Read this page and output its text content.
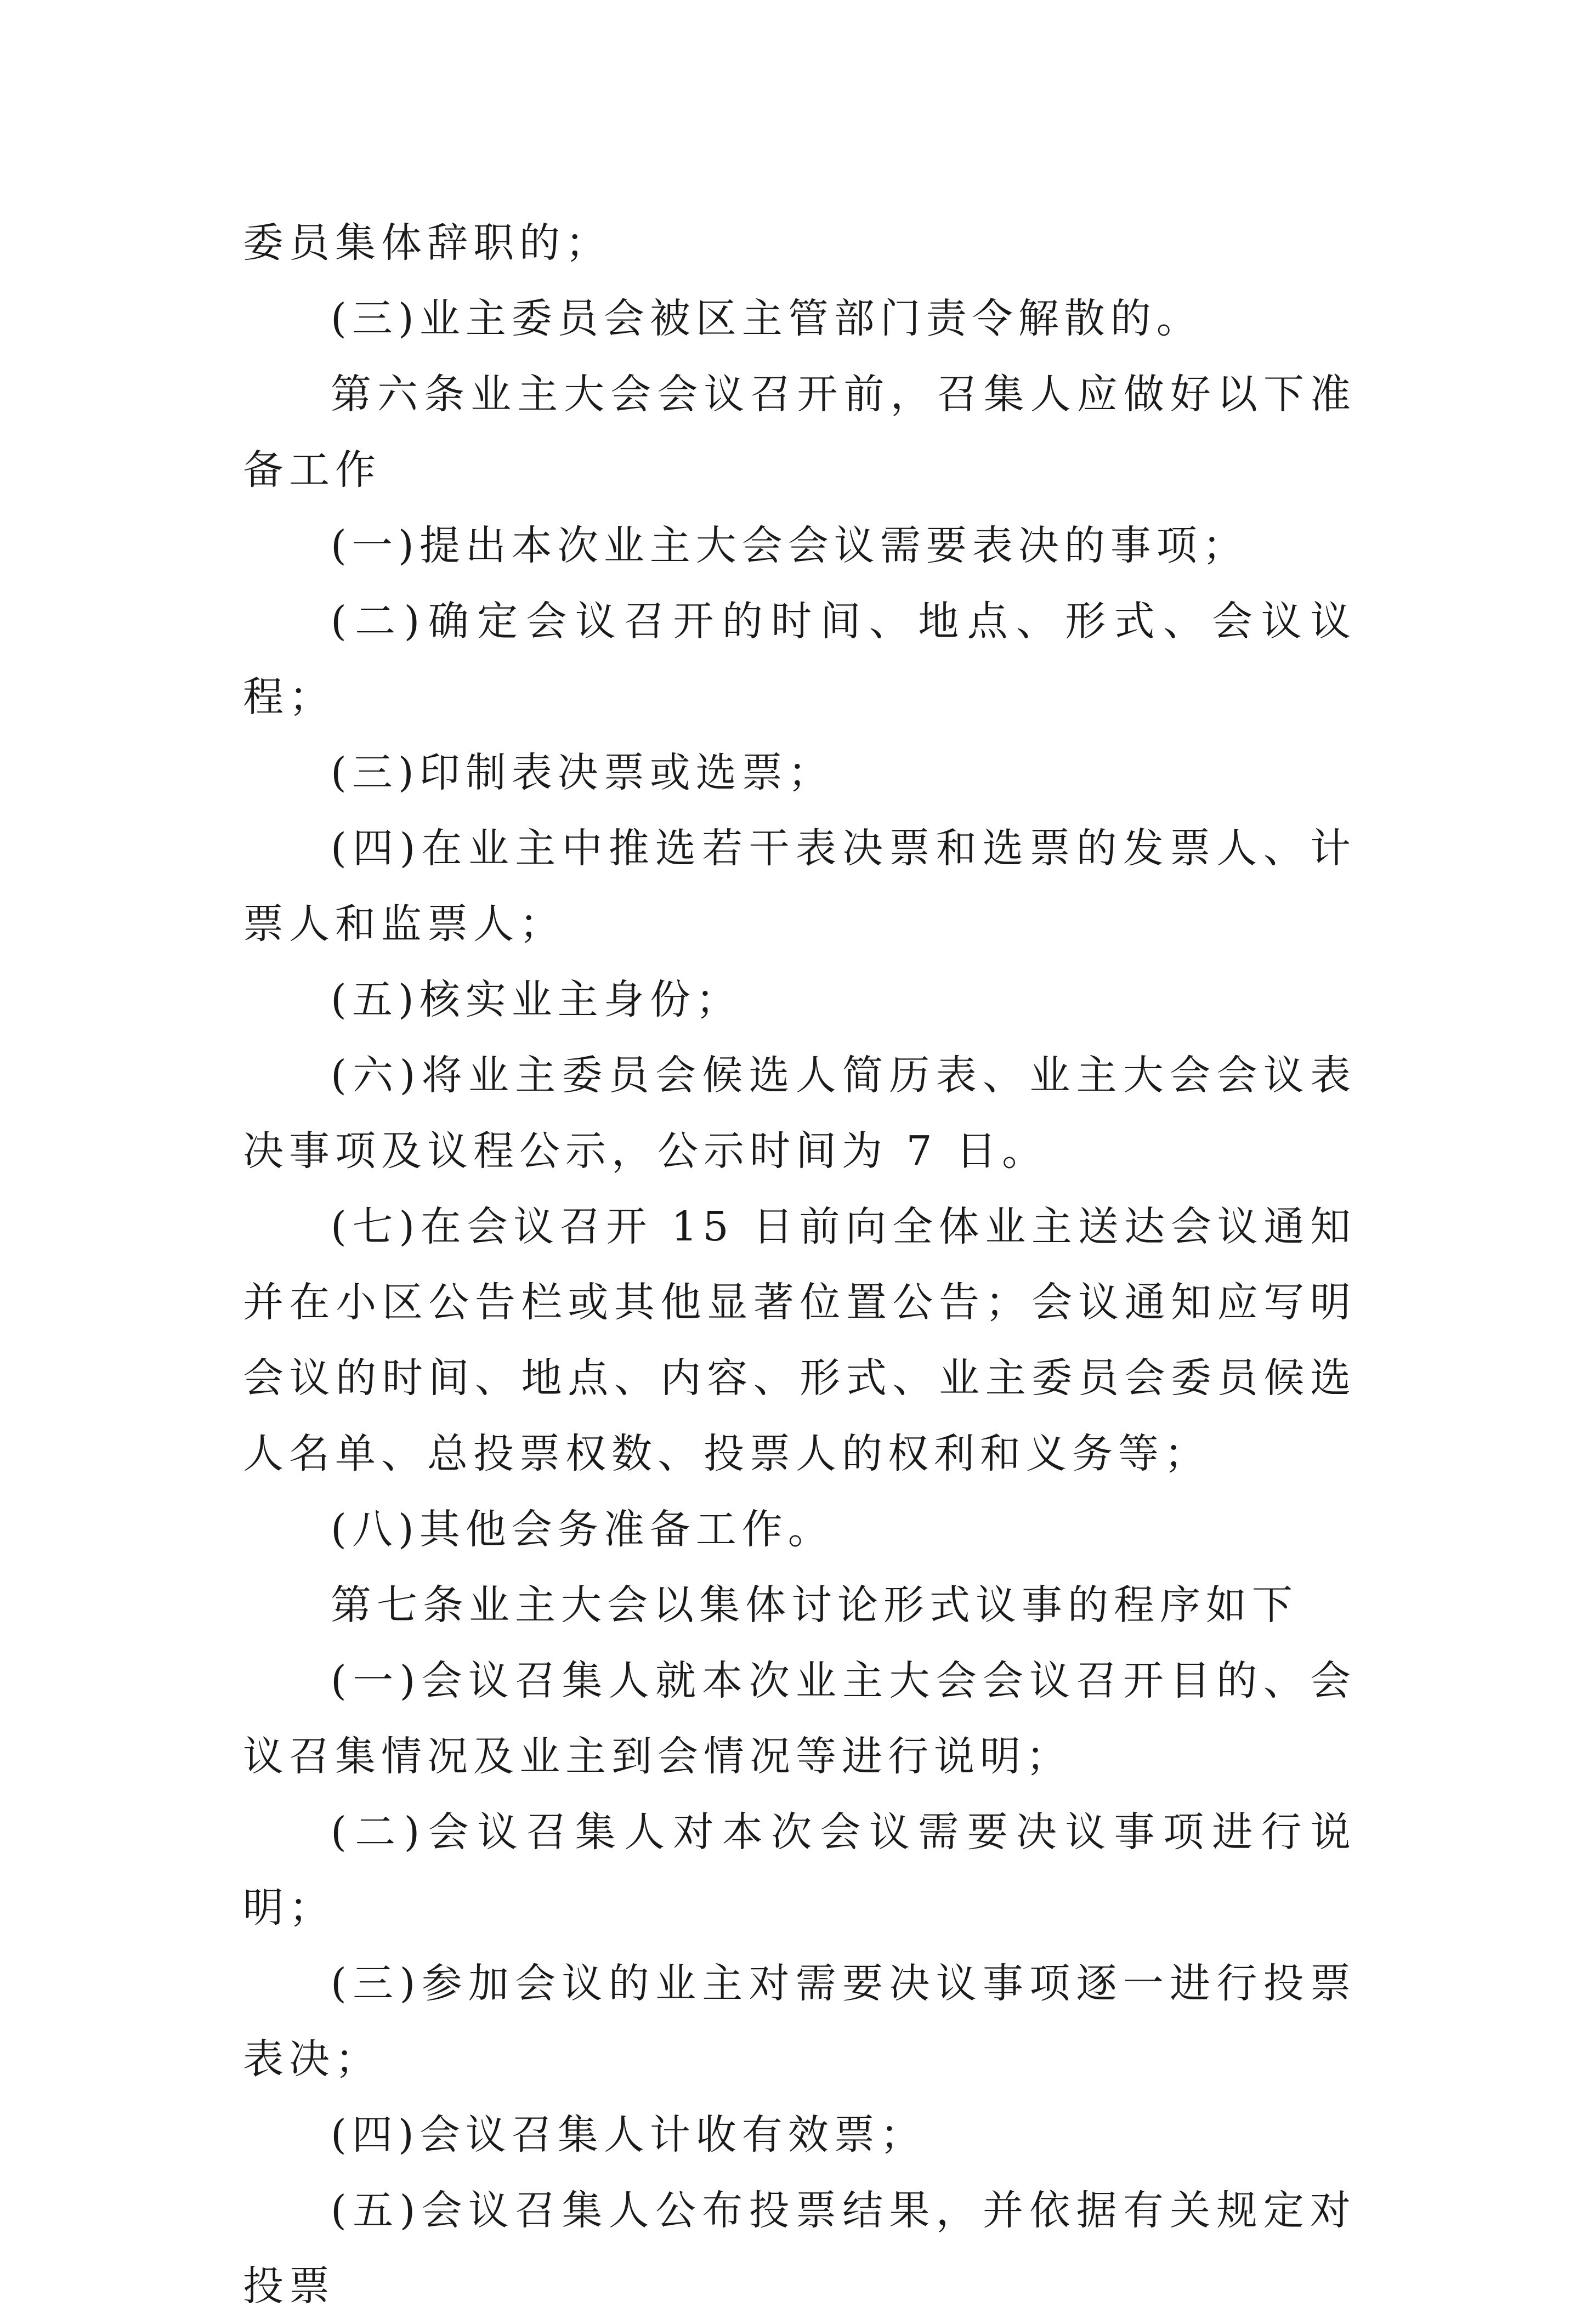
委员集体辞职的；

(三)业主委员会被区主管部门责令解散的。

第六条业主大会会议召开前，召集人应做好以下准备工作

(一)提出本次业主大会会议需要表决的事项；

(二)确定会议召开的时间、地点、形式、会议议程；

(三)印制表决票或选票；

(四)在业主中推选若干表决票和选票的发票人、计票人和监票人；

(五)核实业主身份；

(六)将业主委员会候选人简历表、业主大会会议表决事项及议程公示，公示时间为 7 日。

(七)在会议召开 15 日前向全体业主送达会议通知并在小区公告栏或其他显著位置公告；会议通知应写明会议的时间、地点、内容、形式、业主委员会委员候选人名单、总投票权数、投票人的权利和义务等；

(八)其他会务准备工作。

第七条业主大会以集体讨论形式议事的程序如下

(一)会议召集人就本次业主大会会议召开目的、会议召集情况及业主到会情况等进行说明；

(二)会议召集人对本次会议需要决议事项进行说明；

(三)参加会议的业主对需要决议事项逐一进行投票表决；

(四)会议召集人计收有效票；

(五)会议召集人公布投票结果，并依据有关规定对投票
